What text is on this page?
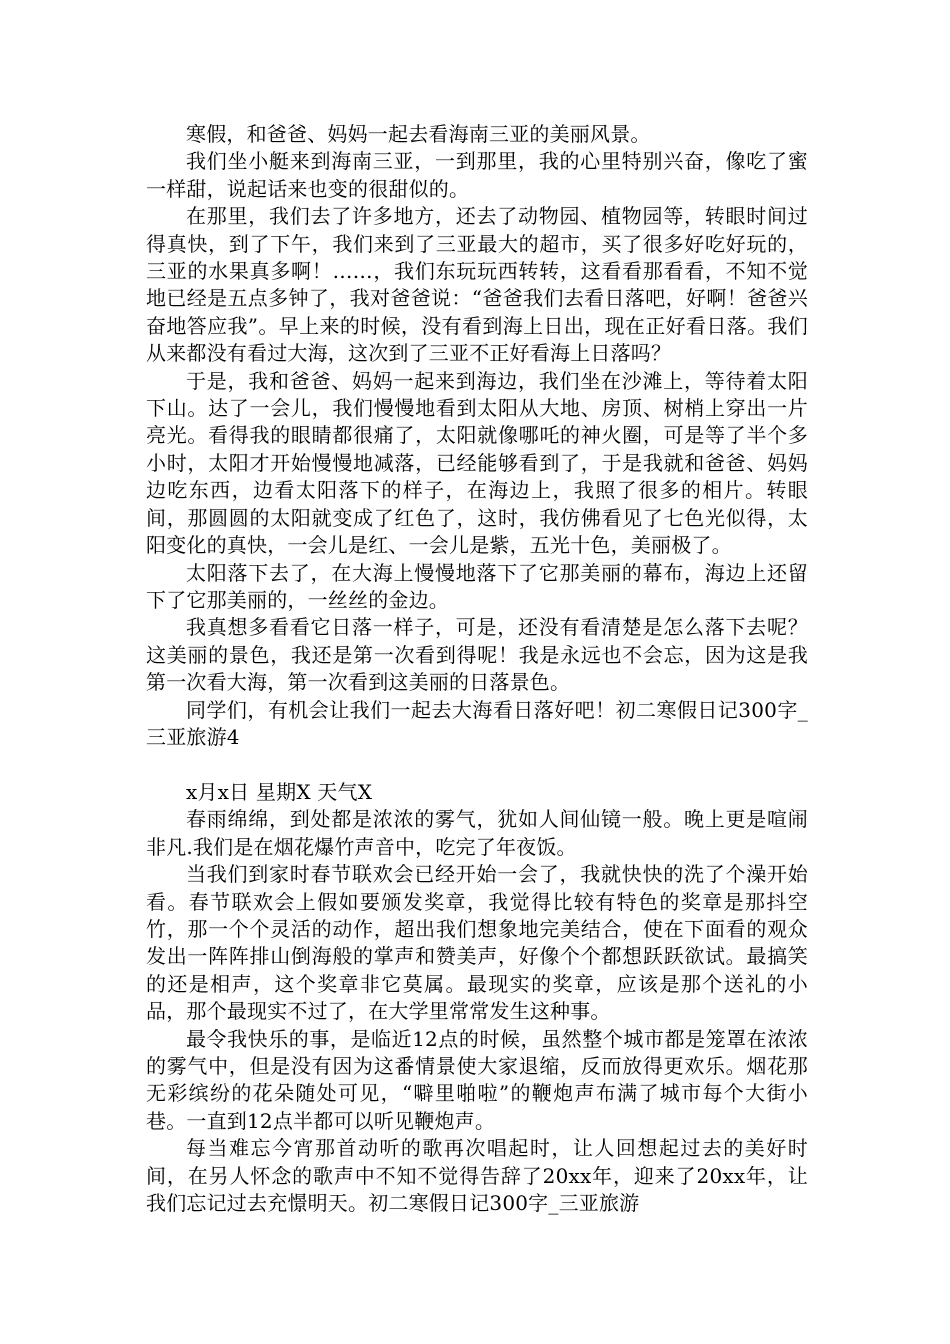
寒假，和爸爸、妈妈一起去看海南三亚的美丽风景。

我们坐小艇来到海南三亚，一到那里，我的心里特别兴奋，像吃了蜜一样甜，说起话来也变的很甜似的。

在那里，我们去了许多地方，还去了动物园、植物园等，转眼时间过得真快，到了下午，我们来到了三亚最大的超市，买了很多好吃好玩的，三亚的水果真多啊！……，我们东玩玩西转转，这看看那看看，不知不觉地已经是五点多钟了，我对爸爸说：“爸爸我们去看日落吧，好啊！爸爸兴奋地答应我”。早上来的时候，没有看到海上日出，现在正好看日落。我们从来都没有看过大海，这次到了三亚不正好看海上日落吗？

于是，我和爸爸、妈妈一起来到海边，我们坐在沙滩上，等待着太阳下山。达了一会儿，我们慢慢地看到太阳从大地、房顶、树梢上穿出一片亮光。看得我的眼睛都很痛了，太阳就像哪吒的神火圈，可是等了半个多小时，太阳才开始慢慢地减落，已经能够看到了，于是我就和爸爸、妈妈边吃东西，边看太阳落下的样子，在海边上，我照了很多的相片。转眼间，那圆圆的太阳就变成了红色了，这时，我仿佛看见了七色光似得，太阳变化的真快，一会儿是红、一会儿是紫，五光十色，美丽极了。

太阳落下去了，在大海上慢慢地落下了它那美丽的幕布，海边上还留下了它那美丽的，一丝丝的金边。

我真想多看看它日落一样子，可是，还没有看清楚是怎么落下去呢？这美丽的景色，我还是第一次看到得呢！我是永远也不会忘，因为这是我第一次看大海，第一次看到这美丽的日落景色。

同学们，有机会让我们一起去大海看日落好吧！初二寒假日记300字_三亚旅游4

x月x日 星期X 天气X

春雨绵绵，到处都是浓浓的雾气，犹如人间仙镜一般。晚上更是喧闹非凡.我们是在烟花爆竹声音中，吃完了年夜饭。

当我们到家时春节联欢会已经开始一会了，我就快快的洗了个澡开始看。春节联欢会上假如要颁发奖章，我觉得比较有特色的奖章是那抖空竹，那一个个灵活的动作，超出我们想象地完美结合，使在下面看的观众发出一阵阵排山倒海般的掌声和赞美声，好像个个都想跃跃欲试。最搞笑的还是相声，这个奖章非它莫属。最现实的奖章，应该是那个送礼的小品，那个最现实不过了，在大学里常常发生这种事。

最令我快乐的事，是临近12点的时候，虽然整个城市都是笼罩在浓浓的雾气中，但是没有因为这番情景使大家退缩，反而放得更欢乐。烟花那无彩缤纷的花朵随处可见，“噼里啪啦”的鞭炮声布满了城市每个大街小巷。一直到12点半都可以听见鞭炮声。

每当难忘今宵那首动听的歌再次唱起时，让人回想起过去的美好时间，在另人怀念的歌声中不知不觉得告辞了20xx年，迎来了20xx年，让我们忘记过去充憬明天。初二寒假日记300字_三亚旅游
